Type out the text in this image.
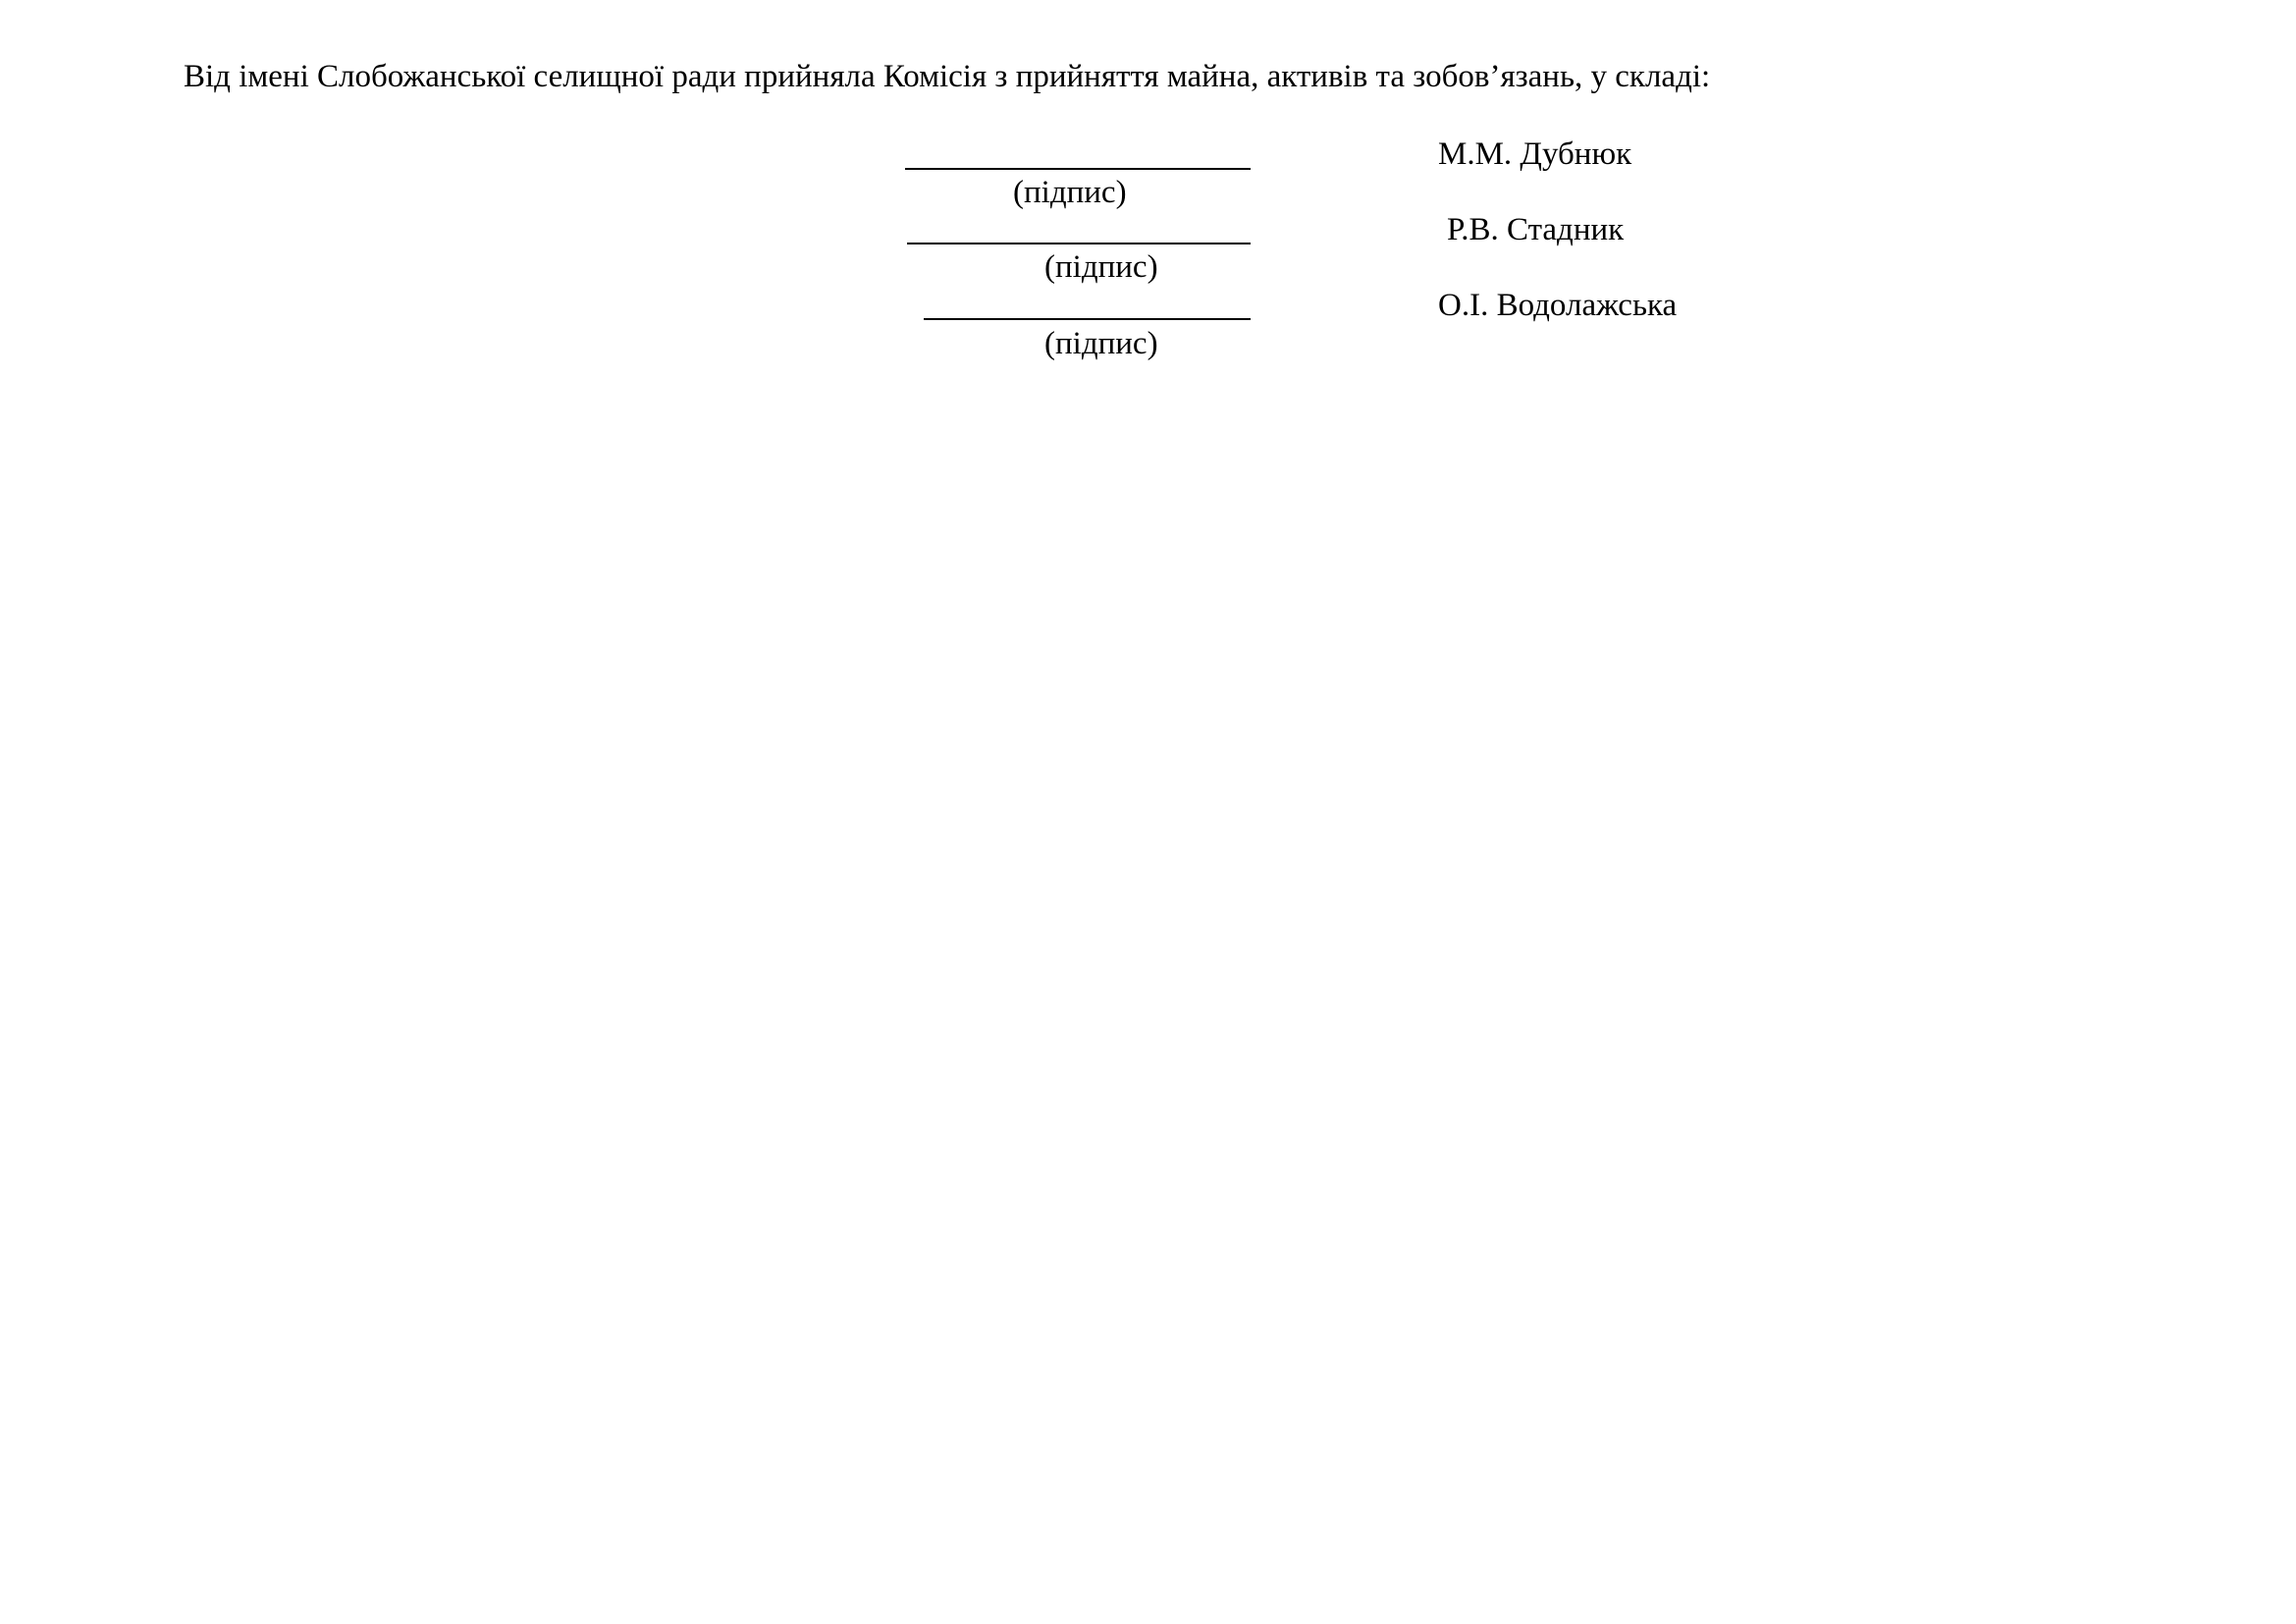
Від імені Слобожанської селищної ради прийняла Комісія з прийняття майна, активів та зобов’язань, у складі:
(підпис)
М.М. Дубнюк
(підпис)
Р.В. Стадник
(підпис)
О.І. Водолажська
